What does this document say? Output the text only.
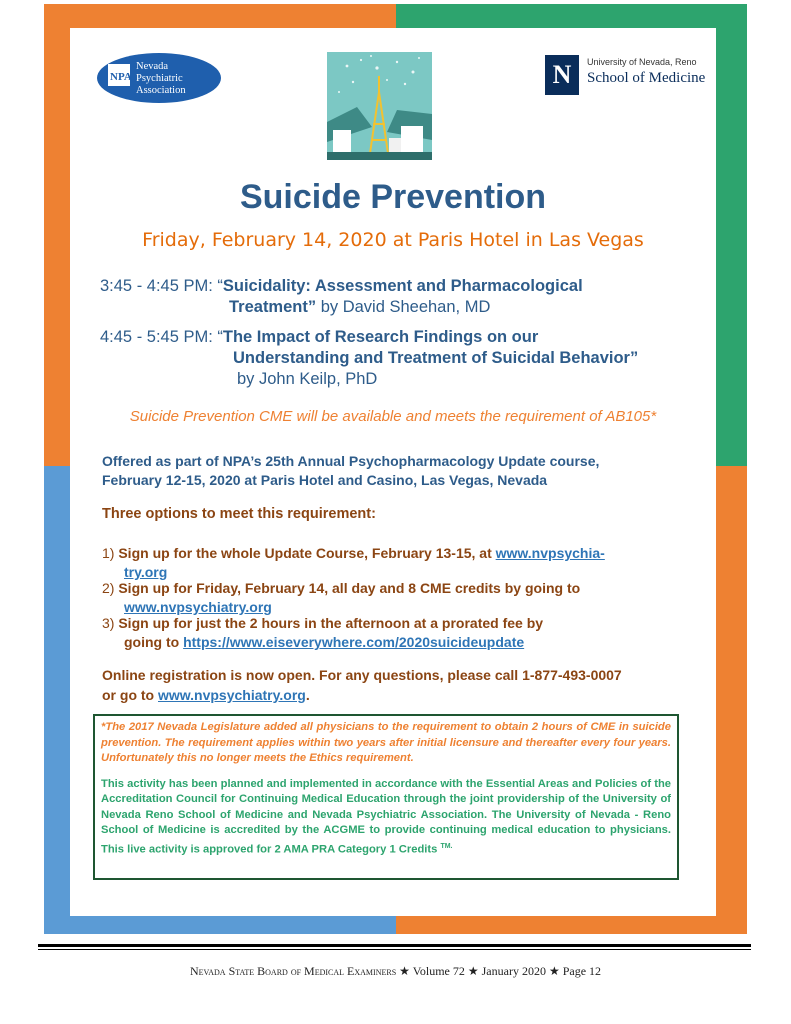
NPA
Nevada
Psychiatric
Association
N	University of Nevada, Reno
School of Medicine
Suicide Prevention
Friday, February 14, 2020 at Paris Hotel in Las Vegas
3:45 - 4:45 PM: “Suicidality: Assessment and Pharmacological
Treatment” by David Sheehan, MD
4:45 - 5:45 PM: “The Impact of Research Findings on our
Understanding and Treatment of Suicidal Behavior”
by John Keilp, PhD
Suicide Prevention CME will be available and meets the requirement of AB105*
Offered as part of NPA’s 25th Annual Psychopharmacology Update course,
February 12-15, 2020 at Paris Hotel and Casino, Las Vegas, Nevada
Three options to meet this requirement:
1) Sign up for the whole Update Course, February 13-15, at www.nvpsychia-
try.org
2) Sign up for Friday, February 14, all day and 8 CME credits by going to
www.nvpsychiatry.org
3) Sign up for just the 2 hours in the afternoon at a prorated fee by
going to https://www.eiseverywhere.com/2020suicideupdate
Online registration is now open. For any questions, please call 1-877-493-0007
or go to www.nvpsychiatry.org.
*The 2017 Nevada Legislature added all physicians to the requirement to obtain 2 hours of CME in suicide prevention. The requirement applies within two years after initial licensure and thereafter every four years. Unfortunately this no longer meets the Ethics requirement.
This activity has been planned and implemented in accordance with the Essential Areas and Policies of the Accreditation Council for Continuing Medical Education through the joint providership of the University of Nevada Reno School of Medicine and Nevada Psychiatric Association. The University of Nevada - Reno School of Medicine is accredited by the ACGME to provide continuing medical education to physicians. This live activity is approved for 2 AMA PRA Category 1 Credits $^{TM.}$
Nevada State Board of Medical Examiners ★ Volume 72 ★ January 2020 ★ Page 12
